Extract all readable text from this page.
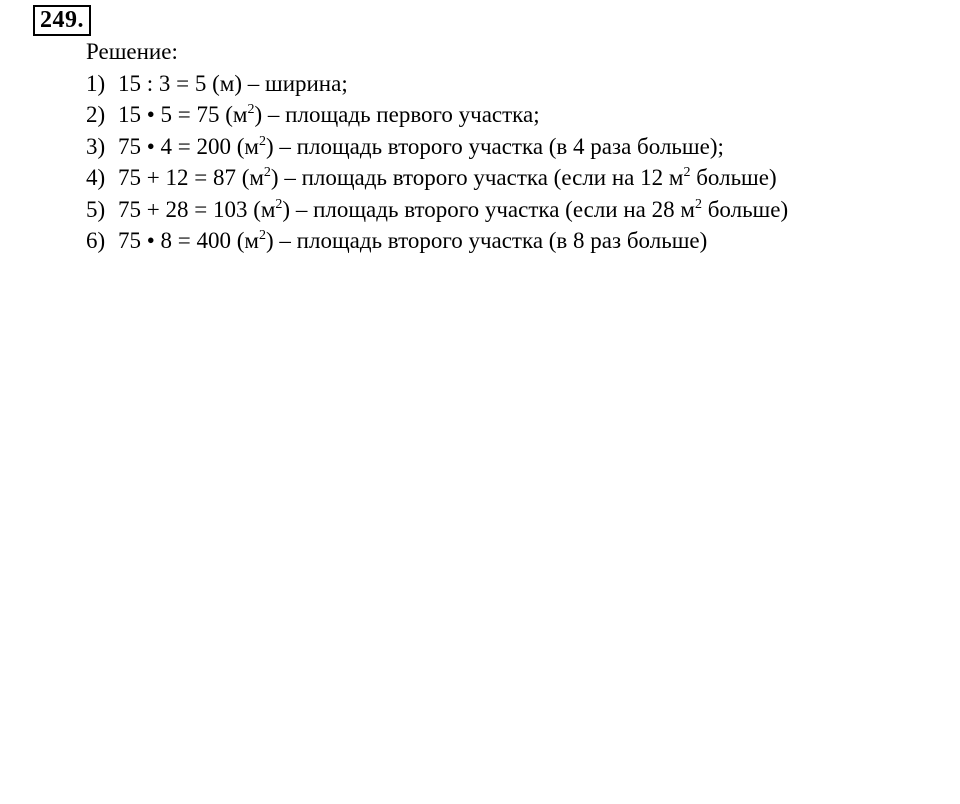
249.
Решение:
1) 15 : 3 = 5 (м) – ширина;
2) 15 • 5 = 75 $(м^2)$ – площадь первого участка;
3) 75 • 4 = 200 $(м^2)$ – площадь второго участка (в 4 раза больше);
4) 75 + 12 = 87 $(м^2)$ – площадь второго участка (если на 12 $м^2$ больше)
5) 75 + 28 = 103 $(м^2)$ – площадь второго участка (если на 28 $м^2$ больше)
6) 75 • 8 = 400 $(м^2)$ – площадь второго участка (в 8 раз больше)
